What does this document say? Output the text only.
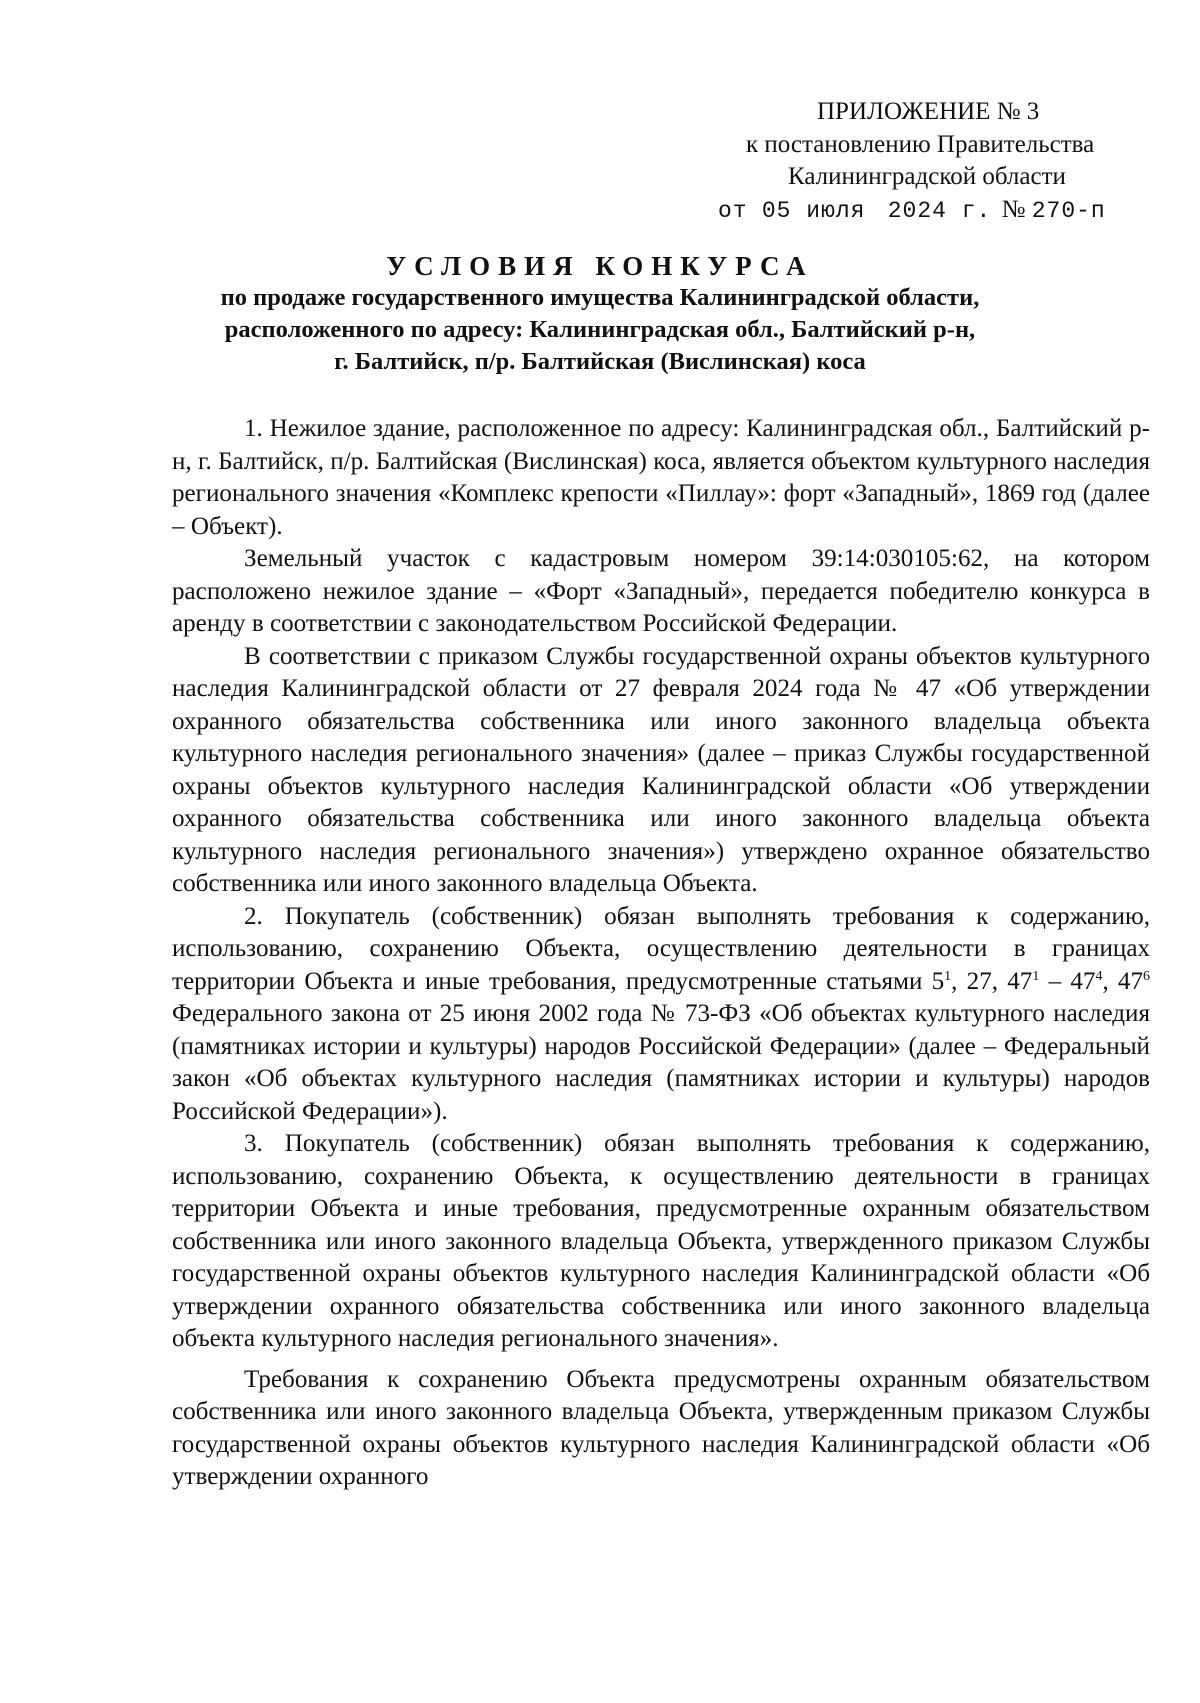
ПРИЛОЖЕНИЕ № 3
к постановлению Правительства
Калининградской области
от 05 июля 2024 г. № 270-п
УСЛОВИЯ КОНКУРСА
по продаже государственного имущества Калининградской области,
расположенного по адресу: Калининградская обл., Балтийский р-н,
г. Балтийск, п/р. Балтийская (Вислинская) коса

1. Нежилое здание, расположенное по адресу: Калининградская обл., Балтийский р-н, г. Балтийск, п/р. Балтийская (Вислинская) коса, является объектом культурного наследия регионального значения «Комплекс крепости «Пиллау»: форт «Западный», 1869 год (далее – Объект).

Земельный участок с кадастровым номером 39:14:030105:62, на котором расположено нежилое здание – «Форт «Западный», передается победителю конкурса в аренду в соответствии с законодательством Российской Федерации.

В соответствии с приказом Службы государственной охраны объектов культурного наследия Калининградской области от 27 февраля 2024 года № 47 «Об утверждении охранного обязательства собственника или иного законного владельца объекта культурного наследия регионального значения» (далее – приказ Службы государственной охраны объектов культурного наследия Калининградской области «Об утверждении охранного обязательства собственника или иного законного владельца объекта культурного наследия регионального значения») утверждено охранное обязательство собственника или иного законного владельца Объекта.

2. Покупатель (собственник) обязан выполнять требования к содержанию, использованию, сохранению Объекта, осуществлению деятельности в границах территории Объекта и иные требования, предусмотренные статьями $5^1$, 27, $47^1 - 47^4$, $47^6$ Федерального закона от 25 июня 2002 года № 73-ФЗ «Об объектах культурного наследия (памятниках истории и культуры) народов Российской Федерации» (далее – Федеральный закон «Об объектах культурного наследия (памятниках истории и культуры) народов Российской Федерации»).

3. Покупатель (собственник) обязан выполнять требования к содержанию, использованию, сохранению Объекта, к осуществлению деятельности в границах территории Объекта и иные требования, предусмотренные охранным обязательством собственника или иного законного владельца Объекта, утвержденного приказом Службы государственной охраны объектов культурного наследия Калининградской области «Об утверждении охранного обязательства собственника или иного законного владельца объекта культурного наследия регионального значения».

Требования к сохранению Объекта предусмотрены охранным обязательством собственника или иного законного владельца Объекта, утвержденным приказом Службы государственной охраны объектов культурного наследия Калининградской области «Об утверждении охранного
